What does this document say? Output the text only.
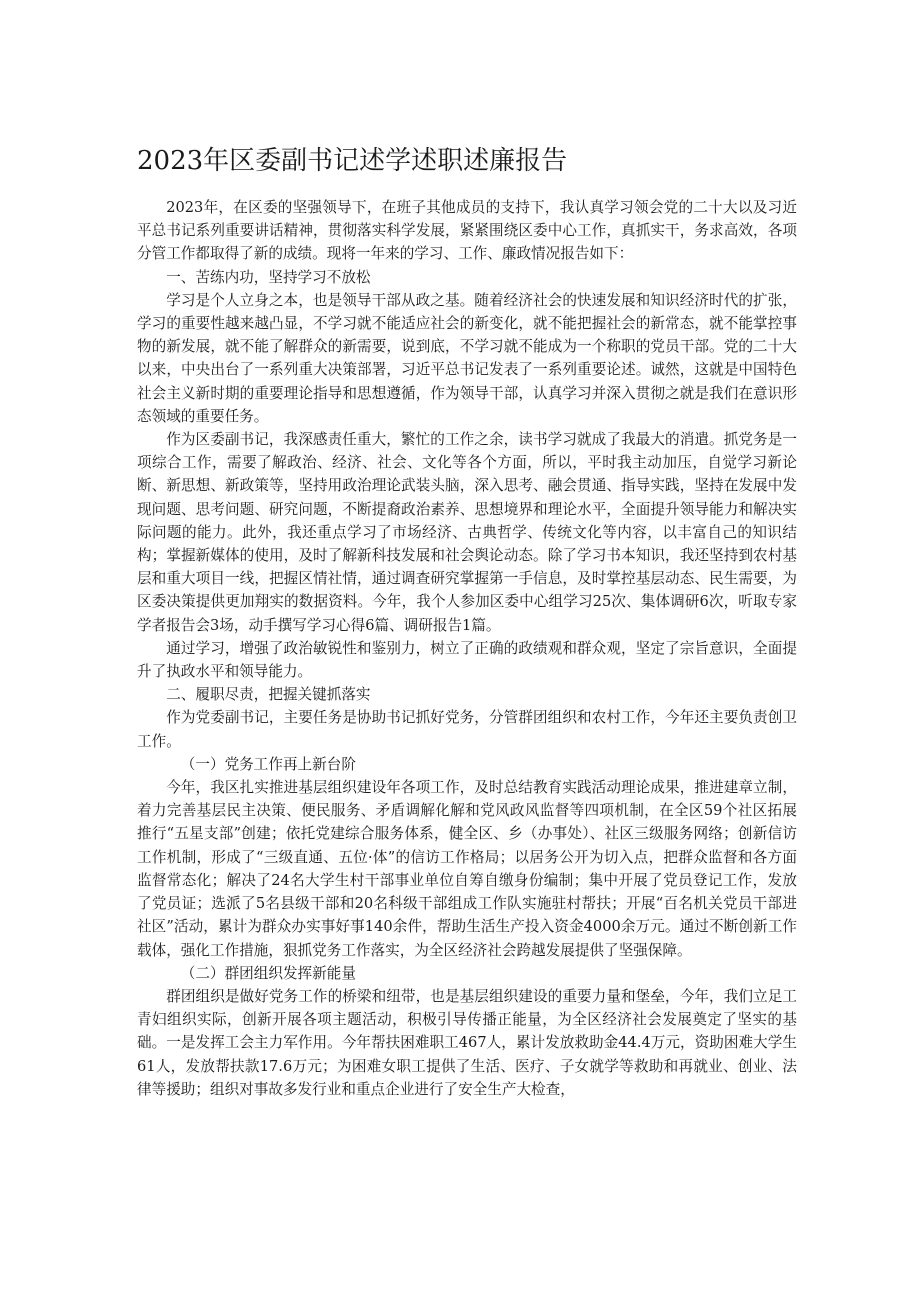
2023年区委副书记述学述职述廉报告

2023年，在区委的坚强领导下，在班子其他成员的支持下，我认真学习领会党的二十大以及习近平总书记系列重要讲话精神，贯彻落实科学发展，紧紧围绕区委中心工作，真抓实干，务求高效，各项分管工作都取得了新的成绩。现将一年来的学习、工作、廉政情况报告如下：

一、苦练内功，坚持学习不放松

学习是个人立身之本，也是领导干部从政之基。随着经济社会的快速发展和知识经济时代的扩张，学习的重要性越来越凸显，不学习就不能适应社会的新变化，就不能把握社会的新常态，就不能掌控事物的新发展，就不能了解群众的新需要，说到底，不学习就不能成为一个称职的党员干部。党的二十大以来，中央出台了一系列重大决策部署，习近平总书记发表了一系列重要论述。诚然，这就是中国特色社会主义新时期的重要理论指导和思想遵循，作为领导干部，认真学习并深入贯彻之就是我们在意识形态领域的重要任务。

作为区委副书记，我深感责任重大，繁忙的工作之余，读书学习就成了我最大的消遣。抓党务是一项综合工作，需要了解政治、经济、社会、文化等各个方面，所以，平时我主动加压，自觉学习新论断、新思想、新政策等，坚持用政治理论武装头脑，深入思考、融会贯通、指导实践，坚持在发展中发现问题、思考问题、研究问题，不断提裔政治素养、思想境界和理论水平，全面提升领导能力和解决实际问题的能力。此外，我还重点学习了市场经济、古典哲学、传统文化等内容，以丰富自己的知识结构；掌握新媒体的使用，及时了解新科技发展和社会舆论动态。除了学习书本知识，我还坚持到农村基层和重大项目一线，把握区情社情，通过调查研究掌握第一手信息，及时掌控基层动态、民生需要，为区委决策提供更加翔实的数据资料。今年，我个人参加区委中心组学习25次、集体调研6次，听取专家学者报告会3场，动手撰写学习心得6篇、调研报告1篇。

通过学习，增强了政治敏锐性和鉴别力，树立了正确的政绩观和群众观，坚定了宗旨意识，全面提升了执政水平和领导能力。

二、履职尽责，把握关键抓落实

作为党委副书记，主要任务是协助书记抓好党务，分管群团组织和农村工作，今年还主要负责创卫工作。

（一）党务工作再上新台阶

今年，我区扎实推进基层组织建设年各项工作，及时总结教育实践活动理论成果，推进建章立制，着力完善基层民主决策、便民服务、矛盾调解化解和党风政风监督等四项机制，在全区59个社区拓展推行“五星支部”创建；依托党建综合服务体系，健全区、乡（办事处）、社区三级服务网络；创新信访工作机制，形成了“三级直通、五位·体”的信访工作格局；以居务公开为切入点，把群众监督和各方面监督常态化；解决了24名大学生村干部事业单位自筹自缴身份编制；集中开展了党员登记工作，发放了党员证；选派了5名县级干部和20名科级干部组成工作队实施驻村帮扶；开展“百名机关党员干部进社区”活动，累计为群众办实事好事140余件，帮助生活生产投入资金4000余万元。通过不断创新工作载体，强化工作措施，狠抓党务工作落实，为全区经济社会跨越发展提供了坚强保障。

（二）群团组织发挥新能量

群团组织是做好党务工作的桥梁和纽带，也是基层组织建设的重要力量和堡垒，今年，我们立足工青妇组织实际，创新开展各项主题活动，积极引导传播正能量，为全区经济社会发展奠定了坚实的基础。一是发挥工会主力军作用。今年帮扶困难职工467人，累计发放救助金44.4万元，资助困难大学生61人，发放帮扶款17.6万元；为困难女职工提供了生活、医疗、子女就学等救助和再就业、创业、法律等援助；组织对事故多发行业和重点企业进行了安全生产大检查，
